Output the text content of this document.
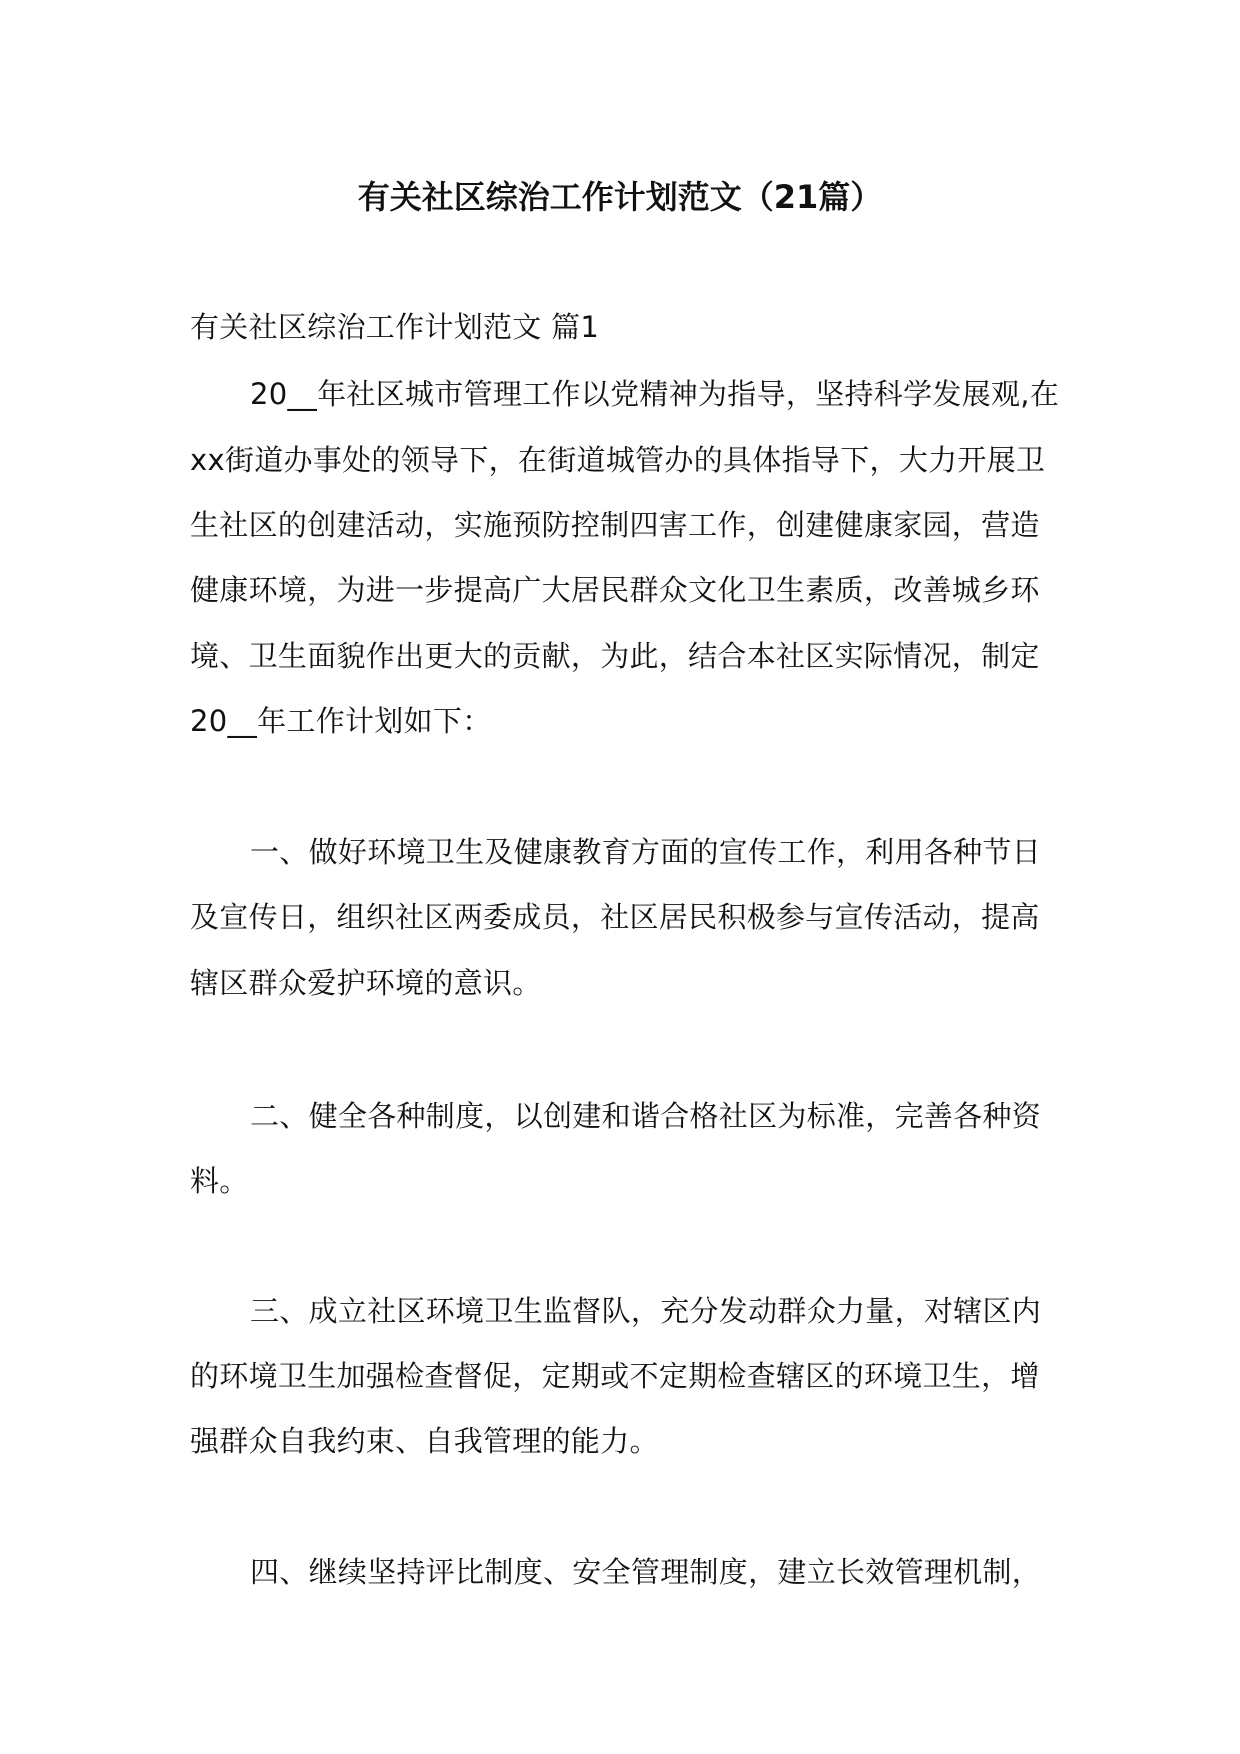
有关社区综治工作计划范文（21篇）
有关社区综治工作计划范文 篇1
20__年社区城市管理工作以党精神为指导，坚持科学发展观,在
xx街道办事处的领导下，在街道城管办的具体指导下，大力开展卫
生社区的创建活动，实施预防控制四害工作，创建健康家园，营造
健康环境，为进一步提高广大居民群众文化卫生素质，改善城乡环
境、卫生面貌作出更大的贡献，为此，结合本社区实际情况，制定
20__年工作计划如下：
一、做好环境卫生及健康教育方面的宣传工作，利用各种节日
及宣传日，组织社区两委成员，社区居民积极参与宣传活动，提高
辖区群众爱护环境的意识。
二、健全各种制度，以创建和谐合格社区为标准，完善各种资
料。
三、成立社区环境卫生监督队，充分发动群众力量，对辖区内
的环境卫生加强检查督促，定期或不定期检查辖区的环境卫生，增
强群众自我约束、自我管理的能力。
四、继续坚持评比制度、安全管理制度，建立长效管理机制，
